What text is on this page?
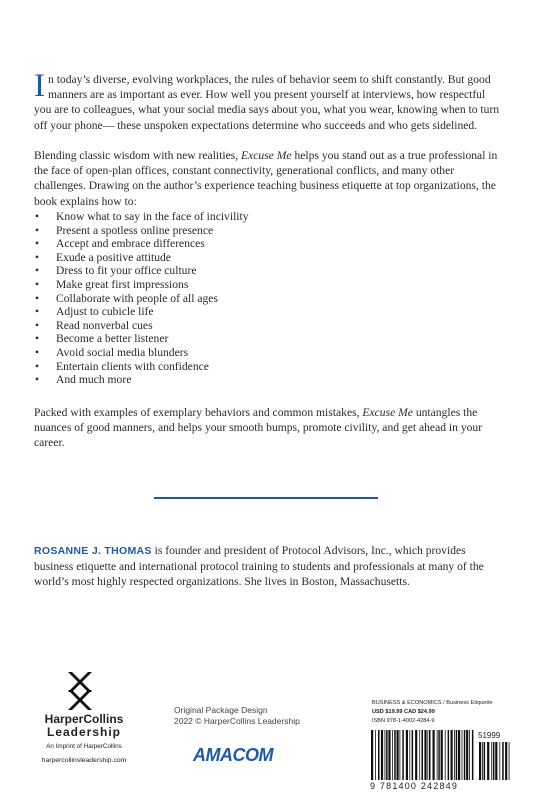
In today’s diverse, evolving workplaces, the rules of behavior seem to shift constantly. But good manners are as important as ever. How well you present yourself at interviews, how respectful you are to colleagues, what your social media says about you, what you wear, knowing when to turn off your phone— these unspoken expectations determine who succeeds and who gets sidelined.
Blending classic wisdom with new realities, Excuse Me helps you stand out as a true professional in the face of open-plan offices, constant connectivity, generational conflicts, and many other challenges. Drawing on the author’s experience teaching business etiquette at top organizations, the book explains how to:
• Know what to say in the face of incivility
• Present a spotless online presence
• Accept and embrace differences
• Exude a positive attitude
• Dress to fit your office culture
• Make great first impressions
• Collaborate with people of all ages
• Adjust to cubicle life
• Read nonverbal cues
• Become a better listener
• Avoid social media blunders
• Entertain clients with confidence
• And much more
Packed with examples of exemplary behaviors and common mistakes, Excuse Me untangles the nuances of good manners, and helps your smooth bumps, promote civility, and get ahead in your career.
ROSANNE J. THOMAS is founder and president of Protocol Advisors, Inc., which provides business etiquette and international protocol training to students and professionals at many of the world’s most highly respected organizations. She lives in Boston, Massachusetts.
HarperCollins
Leadership
An Imprint of HarperCollins
harpercollinsleadership.com
Original Package Design
2022 © HarperCollins Leadership
AMACOM
BUSINESS & ECONOMICS / Business Etiquette
USD $19.99 CAD $24.99
ISBN 978-1-4002-4284-9
51999
9 781400 242849
